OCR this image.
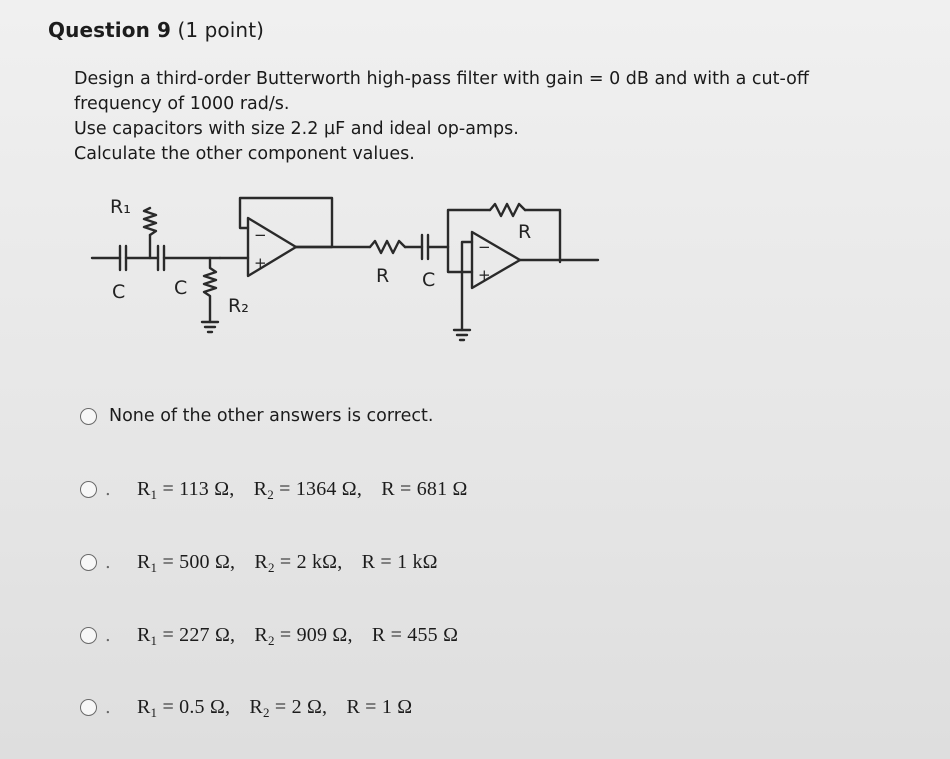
Question 9 (1 point)

Design a third-order Butterworth high-pass filter with gain = 0 dB and with a cut-off

frequency of 1000 rad/s.

Use capacitors with size 2.2 µF and ideal op-amps.

Calculate the other component values.

R₁
C	C
R₂
−
+
R C
R
−
+
None of the other answers is correct.
.	$R_1 = 113$ Ω, $R_2 = 1364$ Ω, R = 681 Ω
.	$R_1 = 500$ Ω, $R_2 = 2$ kΩ, R = 1 kΩ
.	$R_1 = 227$ Ω, $R_2 = 909$ Ω, R = 455 Ω
.	$R_1 = 0.5$ Ω, $R_2 = 2$ Ω, R = 1 Ω
